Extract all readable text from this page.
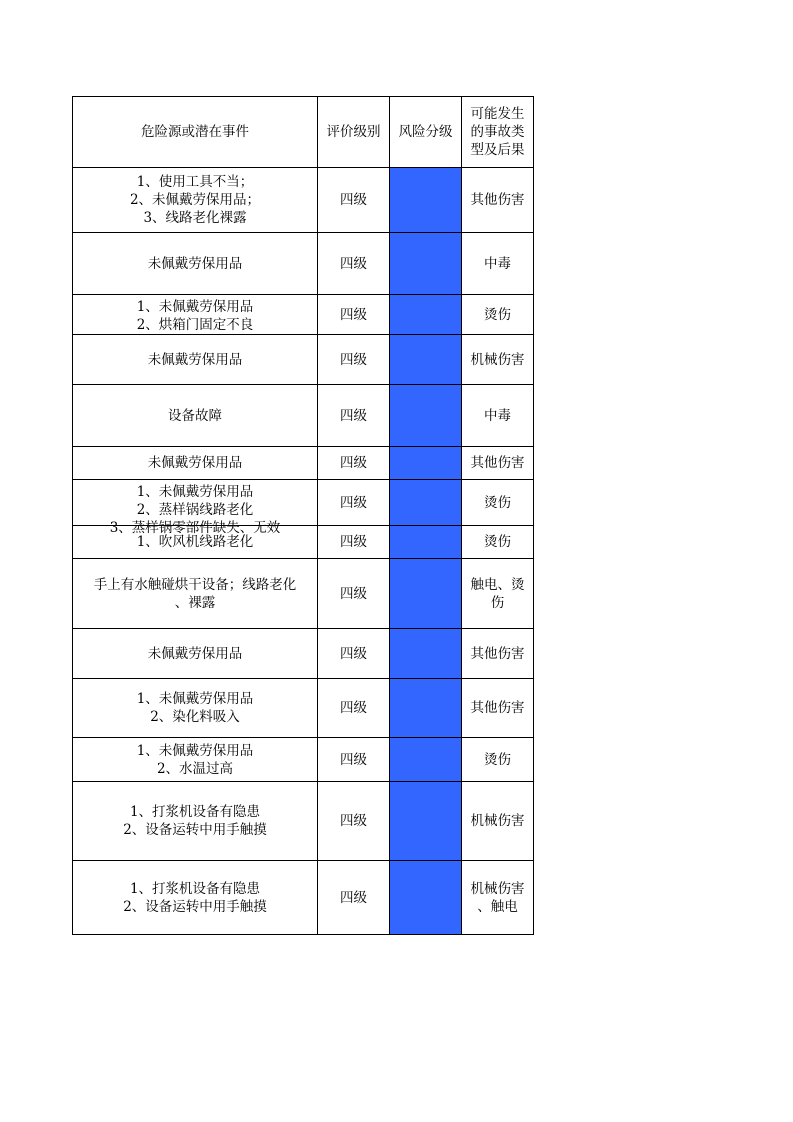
危险源或潜在事件	评价级别	风险分级	可能发生
的事故类
型及后果

1、使用工具不当；
2、未佩戴劳保用品；
3、线路老化裸露	四级		其他伤害

未佩戴劳保用品	四级		中毒

1、未佩戴劳保用品
2、烘箱门固定不良	四级		烫伤

未佩戴劳保用品	四级		机械伤害

设备故障	四级		中毒

未佩戴劳保用品	四级		其他伤害

1、未佩戴劳保用品
2、蒸样锅线路老化
3、蒸样锅零部件缺失、无效	四级		烫伤

1、吹风机线路老化	四级		烫伤

手上有水触碰烘干设备；线路老化
、裸露	四级		触电、烫
伤

未佩戴劳保用品	四级		其他伤害

1、未佩戴劳保用品
2、染化料吸入	四级		其他伤害

1、未佩戴劳保用品
2、水温过高	四级		烫伤

1、打浆机设备有隐患
2、设备运转中用手触摸	四级		机械伤害

1、打浆机设备有隐患
2、设备运转中用手触摸	四级		机械伤害
、触电
